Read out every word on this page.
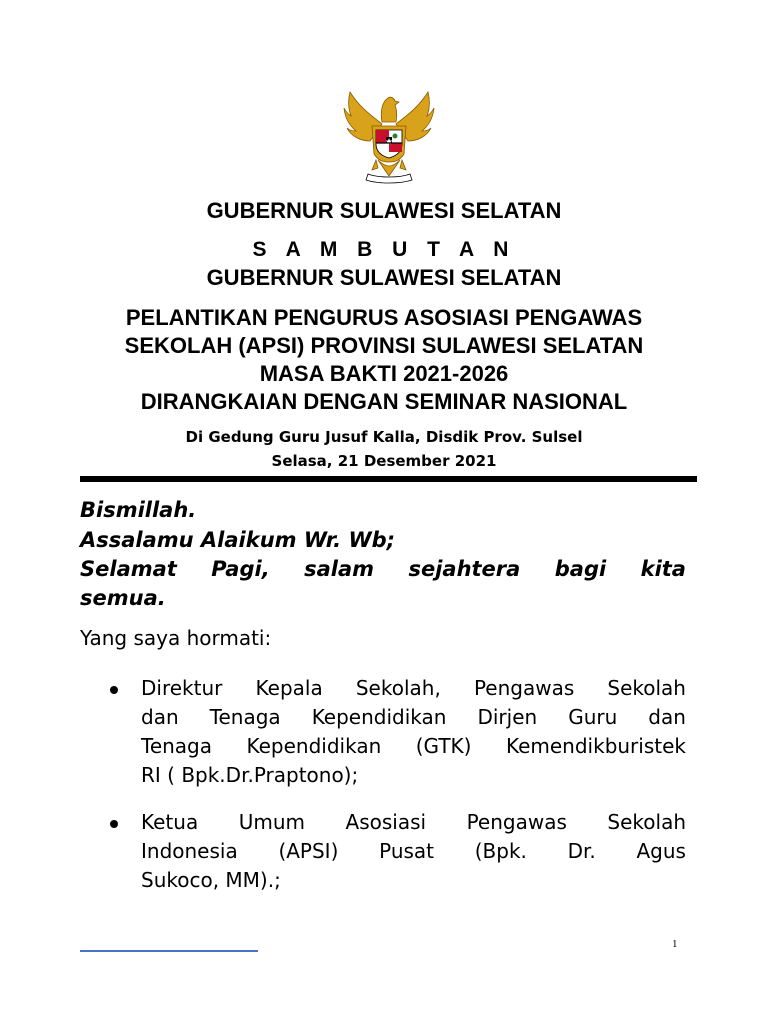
GUBERNUR SULAWESI SELATAN
S A M B U T A N
GUBERNUR SULAWESI SELATAN
PELANTIKAN PENGURUS ASOSIASI PENGAWAS
SEKOLAH (APSI) PROVINSI SULAWESI SELATAN
MASA BAKTI 2021-2026
DIRANGKAIAN DENGAN SEMINAR NASIONAL
Di Gedung Guru Jusuf Kalla, Disdik Prov. Sulsel
Selasa, 21 Desember 2021
Bismillah.
Assalamu Alaikum Wr. Wb;
Selamat Pagi, salam sejahtera bagi kita
semua.
Yang saya hormati:
Direktur Kepala Sekolah, Pengawas Sekolah
dan Tenaga Kependidikan Dirjen Guru dan
Tenaga Kependidikan (GTK) Kemendikburistek
RI ( Bpk.Dr.Praptono);
Ketua Umum Asosiasi Pengawas Sekolah
Indonesia (APSI) Pusat (Bpk. Dr. Agus
Sukoco, MM).;
1
